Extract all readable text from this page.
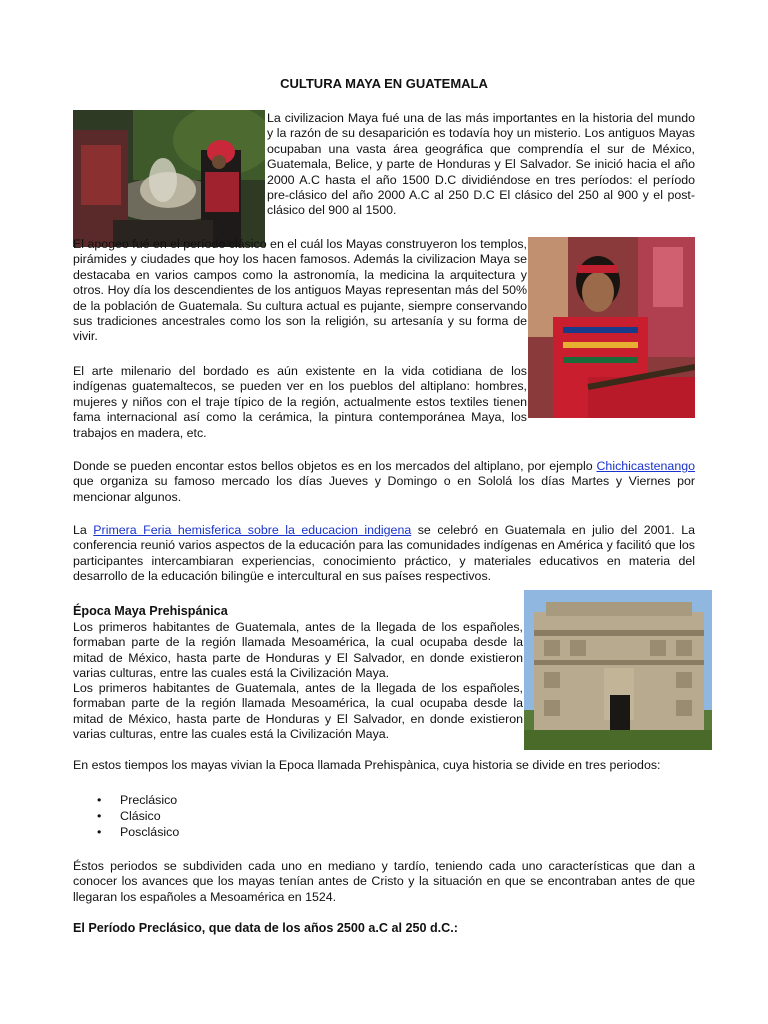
CULTURA MAYA EN GUATEMALA

La civilizacion Maya fué una de las más importantes en la historia del mundo y la razón de su desaparición es todavía hoy un misterio. Los antiguos Mayas ocupaban una vasta área geográfica que comprendía el sur de México, Guatemala, Belice, y parte de Honduras y El Salvador. Se inició hacia el año 2000 A.C hasta el año 1500 D.C dividiéndose en tres períodos: el período pre-clásico del año 2000 A.C al 250 D.C El clásico del 250 al 900 y el post-clásico del 900 al 1500.

El apogeo fué en el período clásico en el cuál los Mayas construyeron los templos, pirámides y ciudades que hoy los hacen famosos. Además la civilizacion Maya se destacaba en varios campos como la astronomía, la medicina la arquitectura y otros. Hoy día los descendientes de los antiguos Mayas representan más del 50% de la población de Guatemala. Su cultura actual es pujante, siempre conservando sus tradiciones ancestrales como los son la religión, su artesanía y su forma de vivir.

El arte milenario del bordado es aún existente en la vida cotidiana de los indígenas guatemaltecos, se pueden ver en los pueblos del altiplano: hombres, mujeres y niños con el traje típico de la región, actualmente estos textiles tienen fama internacional así como la cerámica, la pintura contemporánea Maya, los trabajos en madera, etc.

Donde se pueden encontar estos bellos objetos es en los mercados del altiplano, por ejemplo Chichicastenango que organiza su famoso mercado los días Jueves y Domingo o en Sololá los días Martes y Viernes por mencionar algunos.

La Primera Feria hemisferica sobre la educacion indigena se celebró en Guatemala en julio del 2001. La conferencia reunió varios aspectos de la educación para las comunidades indígenas en América y facilitó que los participantes intercambiaran experiencias, conocimiento práctico, y materiales educativos en materia del desarrollo de la educación bilingüe e intercultural en sus países respectivos.

Época Maya Prehispánica

Los primeros habitantes de Guatemala, antes de la llegada de los españoles, formaban parte de la región llamada Mesoamérica, la cual ocupaba desde la mitad de México, hasta parte de Honduras y El Salvador, en donde existieron varias culturas, entre las cuales está la Civilización Maya.

Los primeros habitantes de Guatemala, antes de la llegada de los españoles, formaban parte de la región llamada Mesoamérica, la cual ocupaba desde la mitad de México, hasta parte de Honduras y El Salvador, en donde existieron varias culturas, entre las cuales está la Civilización Maya.

En estos tiempos los mayas vivian la Epoca llamada Prehispànica, cuya historia se divide en tres periodos:

• Preclásico
• Clásico
• Posclásico

Éstos periodos se subdividen cada uno en mediano y tardío, teniendo cada uno características que dan a conocer los avances que los mayas tenían antes de Cristo y la situación en que se encontraban antes de que llegaran los españoles a Mesoamérica en 1524.

El Período Preclásico, que data de los años 2500 a.C al 250 d.C.:
